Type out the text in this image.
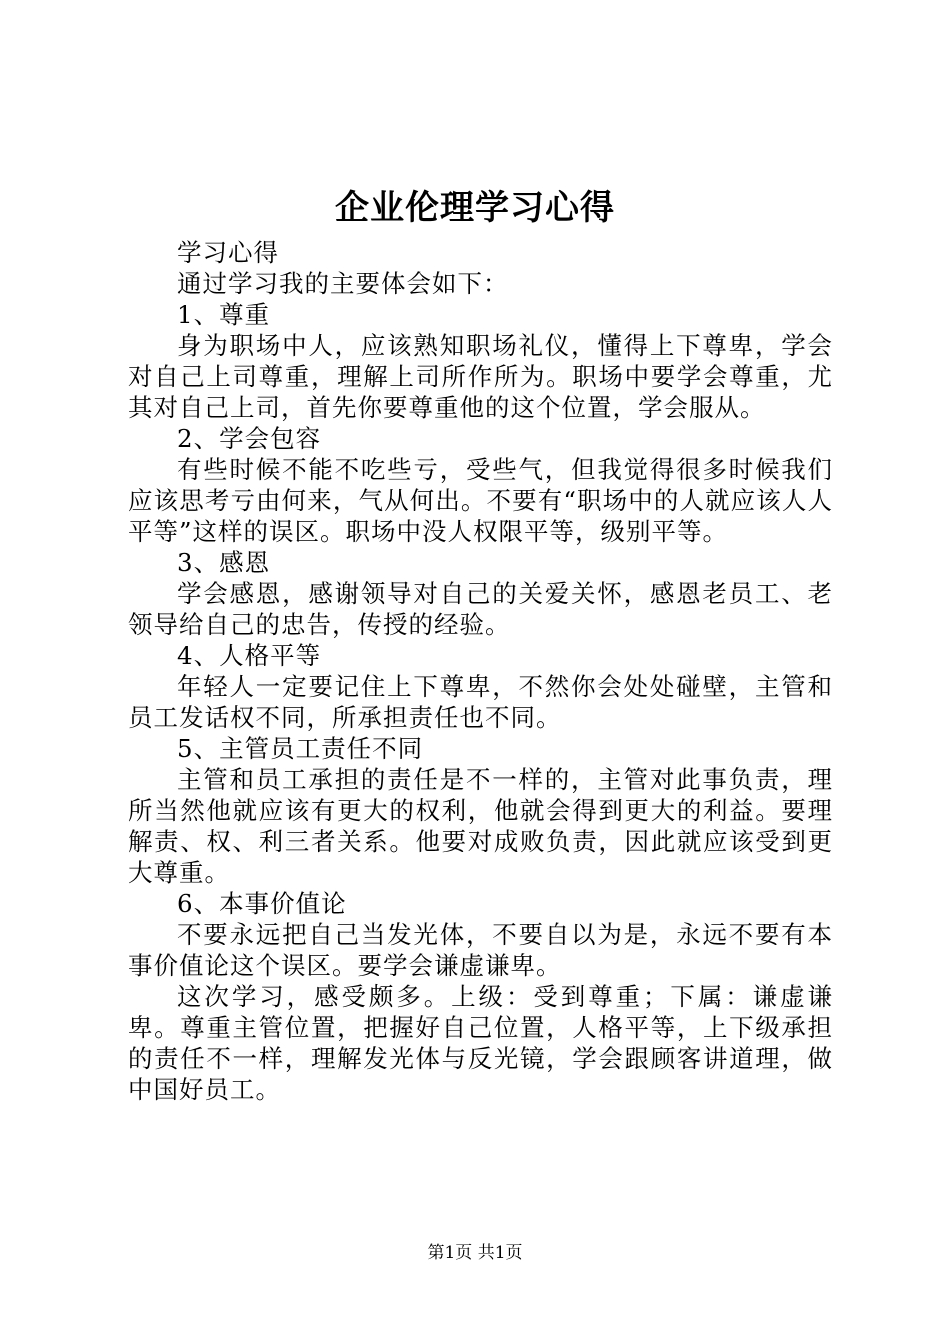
企业伦理学习心得

学习心得

通过学习我的主要体会如下：

1、尊重

身为职场中人，应该熟知职场礼仪，懂得上下尊卑，学会对自己上司尊重，理解上司所作所为。职场中要学会尊重，尤其对自己上司，首先你要尊重他的这个位置，学会服从。

2、学会包容

有些时候不能不吃些亏，受些气，但我觉得很多时候我们应该思考亏由何来，气从何出。不要有“职场中的人就应该人人平等”这样的误区。职场中没人权限平等，级别平等。

3、感恩

学会感恩，感谢领导对自己的关爱关怀，感恩老员工、老领导给自己的忠告，传授的经验。

4、人格平等

年轻人一定要记住上下尊卑，不然你会处处碰壁，主管和员工发话权不同，所承担责任也不同。

5、主管员工责任不同

主管和员工承担的责任是不一样的，主管对此事负责，理所当然他就应该有更大的权利，他就会得到更大的利益。要理解责、权、利三者关系。他要对成败负责，因此就应该受到更大尊重。

6、本事价值论

不要永远把自己当发光体，不要自以为是，永远不要有本事价值论这个误区。要学会谦虚谦卑。

这次学习，感受颇多。上级：受到尊重；下属：谦虚谦卑。尊重主管位置，把握好自己位置，人格平等，上下级承担的责任不一样，理解发光体与反光镜，学会跟顾客讲道理，做中国好员工。

第1页 共1页
